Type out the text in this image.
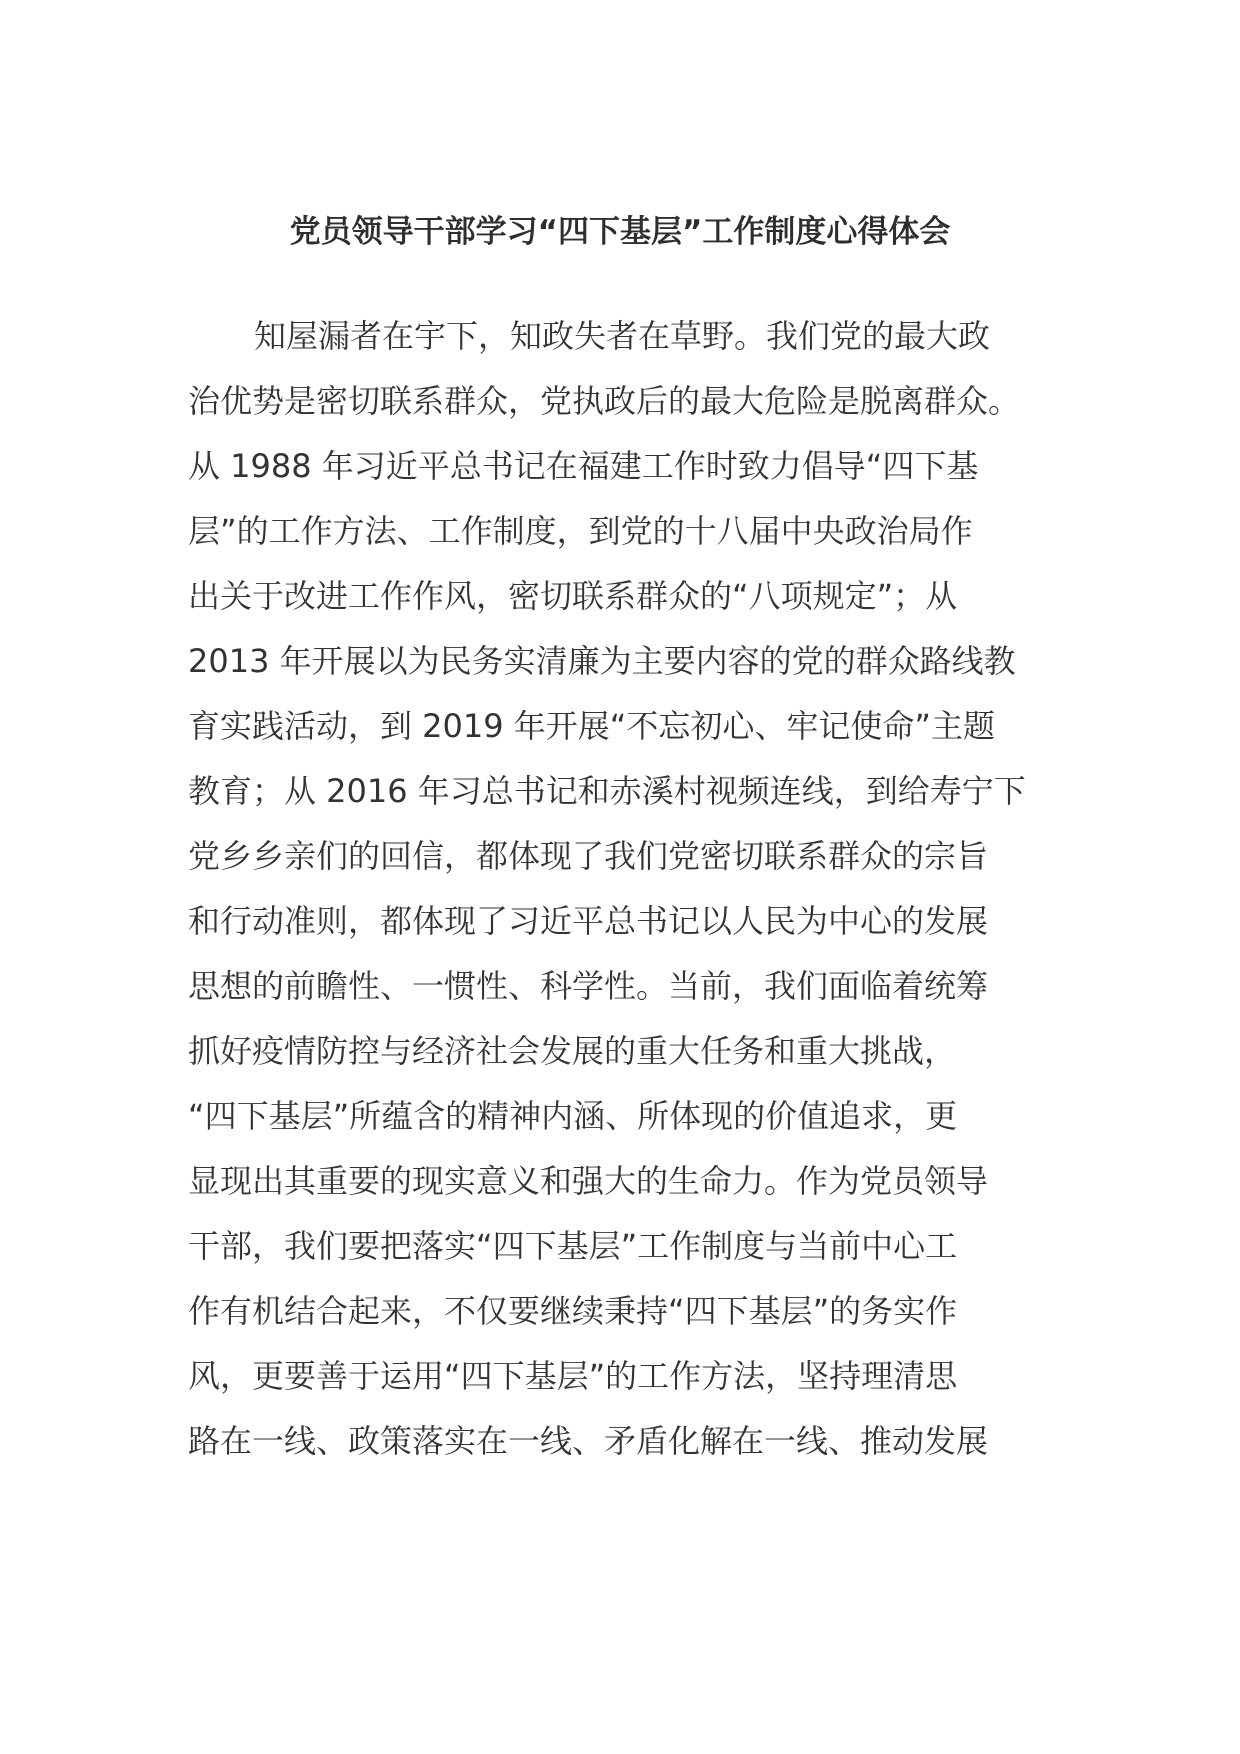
党员领导干部学习“四下基层”工作制度心得体会
知屋漏者在宇下，知政失者在草野。我们党的最大政
治优势是密切联系群众，党执政后的最大危险是脱离群众。
从 1988 年习近平总书记在福建工作时致力倡导“四下基
层”的工作方法、工作制度，到党的十八届中央政治局作
出关于改进工作作风，密切联系群众的“八项规定”；从
2013 年开展以为民务实清廉为主要内容的党的群众路线教
育实践活动，到 2019 年开展“不忘初心、牢记使命”主题
教育；从 2016 年习总书记和赤溪村视频连线，到给寿宁下
党乡乡亲们的回信，都体现了我们党密切联系群众的宗旨
和行动准则，都体现了习近平总书记以人民为中心的发展
思想的前瞻性、一惯性、科学性。当前，我们面临着统筹
抓好疫情防控与经济社会发展的重大任务和重大挑战，
“四下基层”所蕴含的精神内涵、所体现的价值追求，更
显现出其重要的现实意义和强大的生命力。作为党员领导
干部，我们要把落实“四下基层”工作制度与当前中心工
作有机结合起来，不仅要继续秉持“四下基层”的务实作
风，更要善于运用“四下基层”的工作方法，坚持理清思
路在一线、政策落实在一线、矛盾化解在一线、推动发展
